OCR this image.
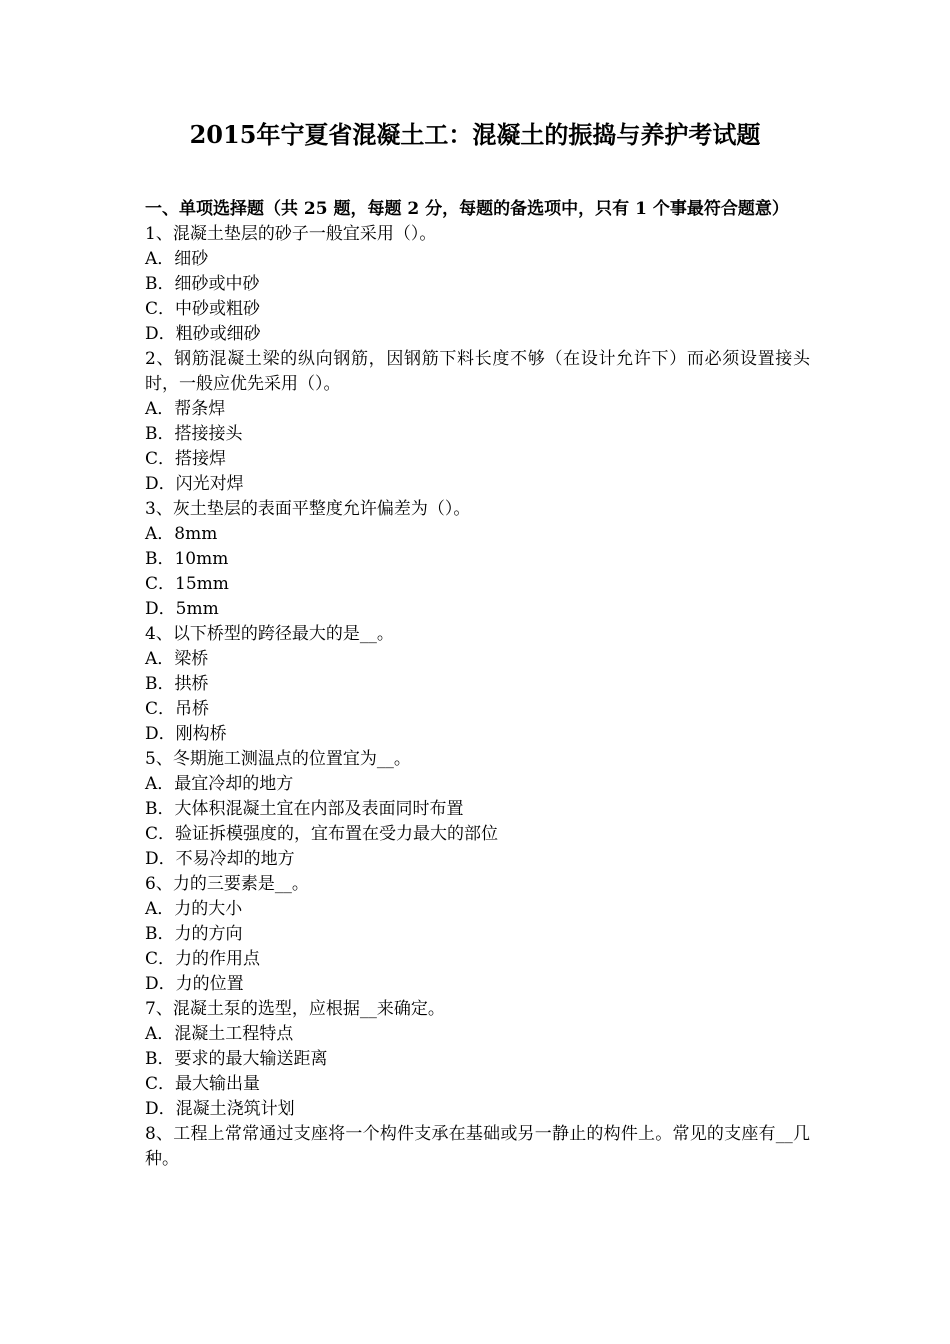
2015年宁夏省混凝土工：混凝土的振捣与养护考试题

一、单项选择题（共 25 题，每题 2 分，每题的备选项中，只有 1 个事最符合题意）

1、混凝土垫层的砂子一般宜采用（）。

A．细砂

B．细砂或中砂

C．中砂或粗砂

D．粗砂或细砂

2、钢筋混凝土梁的纵向钢筋，因钢筋下料长度不够（在设计允许下）而必须设置接头时，一般应优先采用（）。

A．帮条焊

B．搭接接头

C．搭接焊

D．闪光对焊

3、灰土垫层的表面平整度允许偏差为（）。

A．8mm

B．10mm

C．15mm

D．5mm

4、以下桥型的跨径最大的是__。

A．梁桥

B．拱桥

C．吊桥

D．刚构桥

5、冬期施工测温点的位置宜为__。

A．最宜冷却的地方

B．大体积混凝土宜在内部及表面同时布置

C．验证拆模强度的，宜布置在受力最大的部位

D．不易冷却的地方

6、力的三要素是__。

A．力的大小

B．力的方向

C．力的作用点

D．力的位置

7、混凝土泵的选型，应根据__来确定。

A．混凝土工程特点

B．要求的最大输送距离

C．最大输出量

D．混凝土浇筑计划

8、工程上常常通过支座将一个构件支承在基础或另一静止的构件上。常见的支座有__几种。
